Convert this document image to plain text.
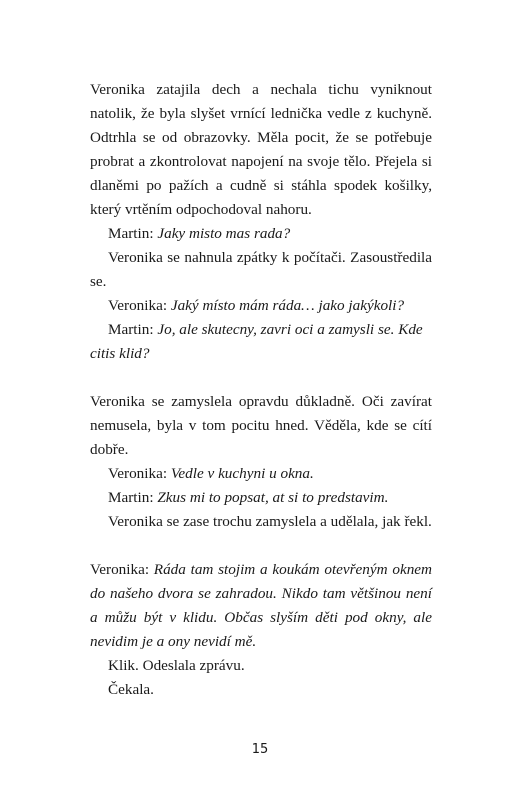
Veronika zatajila dech a nechala tichu vyniknout natolik, že byla slyšet vrnící lednička vedle z kuchyně. Odtrhla se od obrazovky. Měla pocit, že se potřebuje probrat a zkontrolovat napojení na svoje tělo. Přejela si dlaněmi po pažích a cudně si stáhla spodek košilky, který vrtěním odpochodoval nahoru.

Martin: Jaky misto mas rada?

Veronika se nahnula zpátky k počítači. Zasoustředila se.

Veronika: Jaký místo mám ráda… jako jakýkoli?

Martin: Jo, ale skutecny, zavri oci a zamysli se. Kde citis klid?

Veronika se zamyslela opravdu důkladně. Oči zavírat nemusela, byla v tom pocitu hned. Věděla, kde se cítí dobře.

Veronika: Vedle v kuchyni u okna.

Martin: Zkus mi to popsat, at si to predstavim.

Veronika se zase trochu zamyslela a udělala, jak řekl.

Veronika: Ráda tam stojim a koukám otevřeným oknem do našeho dvora se zahradou. Nikdo tam většinou není a můžu být v klidu. Občas slyším děti pod okny, ale nevidim je a ony nevidí mě.

Klik. Odeslala zprávu.

Čekala.

15
